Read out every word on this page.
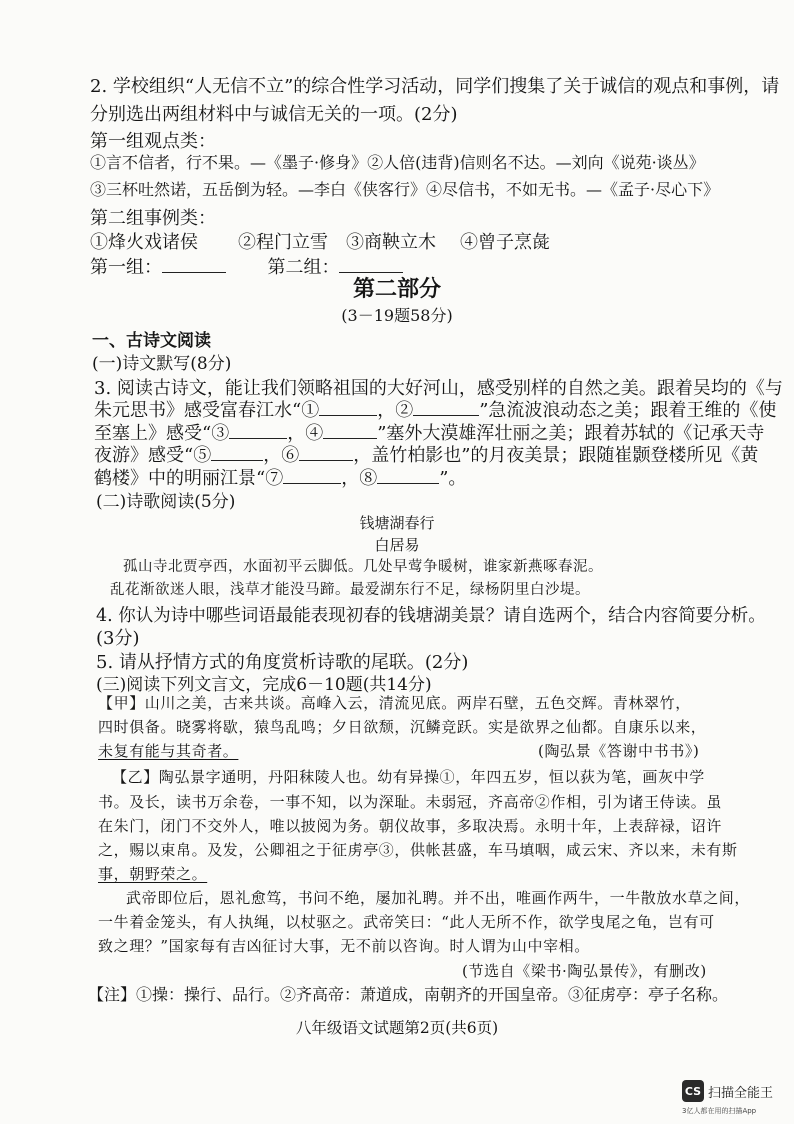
2. 学校组织“人无信不立”的综合性学习活动，同学们搜集了关于诚信的观点和事例，请
分别选出两组材料中与诚信无关的一项。(2分)
第一组观点类：
①言不信者，行不果。—《墨子·修身》②人倍(违背)信则名不达。—刘向《说苑·谈丛》
③三杯吐然诺，五岳倒为轻。—李白《侠客行》④尽信书，不如无书。—《孟子·尽心下》
第二组事例类：
①烽火戏诸侯 ②程门立雪 ③商鞅立木 ④曾子烹彘
第一组：	第二组：
第二部分
(3－19题58分)
一、古诗文阅读
(一)诗文默写(8分)
3. 阅读古诗文，能让我们领略祖国的大好河山，感受别样的自然之美。跟着吴均的《与
朱元思书》感受富春江水“①	，②	”急流波浪动态之美；跟着王维的《使
至塞上》感受“③	，④	”塞外大漠雄浑壮丽之美；跟着苏轼的《记承天寺
夜游》感受“⑤	，⑥	，盖竹柏影也”的月夜美景；跟随崔颢登楼所见《黄
鹤楼》中的明丽江景“⑦	，⑧	”。
(二)诗歌阅读(5分)
钱塘湖春行
白居易
孤山寺北贾亭西，水面初平云脚低。几处早莺争暖树，谁家新燕啄春泥。
乱花渐欲迷人眼，浅草才能没马蹄。最爱湖东行不足，绿杨阴里白沙堤。
4. 你认为诗中哪些词语最能表现初春的钱塘湖美景？请自选两个，结合内容简要分析。
(3分)
5. 请从抒情方式的角度赏析诗歌的尾联。(2分)
(三)阅读下列文言文，完成6－10题(共14分)
【甲】山川之美，古来共谈。高峰入云，清流见底。两岸石壁，五色交辉。青林翠竹，
四时俱备。晓雾将歇，猿鸟乱鸣；夕日欲颓，沉鳞竞跃。实是欲界之仙都。自康乐以来，
未复有能与其奇者。	(陶弘景《答谢中书书》)
【乙】陶弘景字通明，丹阳秣陵人也。幼有异操①，年四五岁，恒以荻为笔，画灰中学
书。及长，读书万余卷，一事不知，以为深耻。未弱冠，齐高帝②作相，引为诸王侍读。虽
在朱门，闭门不交外人，唯以披阅为务。朝仪故事，多取决焉。永明十年，上表辞禄，诏许
之，赐以束帛。及发，公卿祖之于征虏亭③，供帐甚盛，车马填咽，咸云宋、齐以来，未有斯
事，朝野荣之。
武帝即位后，恩礼愈笃，书问不绝，屡加礼聘。并不出，唯画作两牛，一牛散放水草之间，
一牛着金笼头，有人执绳，以杖驱之。武帝笑曰：“此人无所不作，欲学曳尾之龟，岂有可
致之理？”国家每有吉凶征讨大事，无不前以咨询。时人谓为山中宰相。
(节选自《梁书·陶弘景传》，有删改)
【注】①操：操行、品行。②齐高帝：萧道成，南朝齐的开国皇帝。③征虏亭：亭子名称。
八年级语文试题第2页(共6页)
CS 扫描全能王
3亿人都在用的扫描App
